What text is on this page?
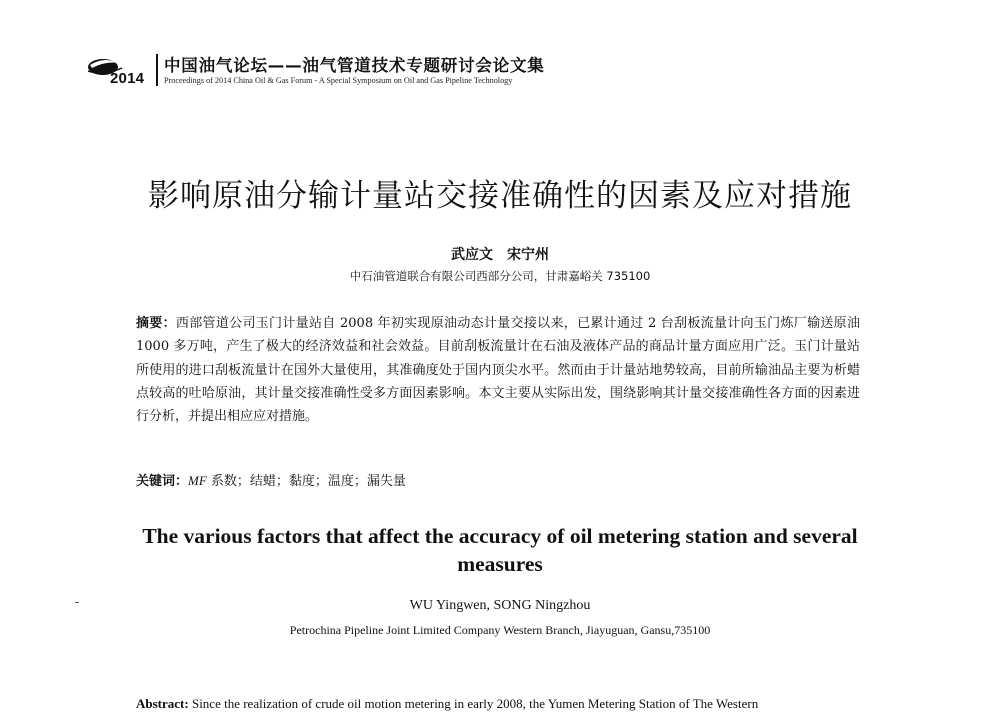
2014
中国油气论坛——油气管道技术专题研讨会论文集
Proceedings of 2014 China Oil & Gas Forum - A Special Symposium on Oil and Gas Pipeline Technology
影响原油分输计量站交接准确性的因素及应对措施
武应文　宋宁州
中石油管道联合有限公司西部分公司，甘肃嘉峪关 735100
摘要：西部管道公司玉门计量站自 2008 年初实现原油动态计量交接以来，已累计通过 2 台刮板流量计向玉门炼厂输送原油 1000 多万吨，产生了极大的经济效益和社会效益。目前刮板流量计在石油及液体产品的商品计量方面应用广泛。玉门计量站所使用的进口刮板流量计在国外大量使用，其准确度处于国内顶尖水平。然而由于计量站地势较高，目前所输油品主要为析蜡点较高的吐哈原油，其计量交接准确性受多方面因素影响。本文主要从实际出发，围绕影响其计量交接准确性各方面的因素进行分析，并提出相应应对措施。
关键词：MF 系数；结蜡；黏度；温度；漏失量
The various factors that affect the accuracy of oil metering station and several measures
WU Yingwen, SONG Ningzhou
Petrochina Pipeline Joint Limited Company Western Branch, Jiayuguan, Gansu,735100
Abstract: Since the realization of crude oil motion metering in early 2008, the Yumen Metering Station of The Western
